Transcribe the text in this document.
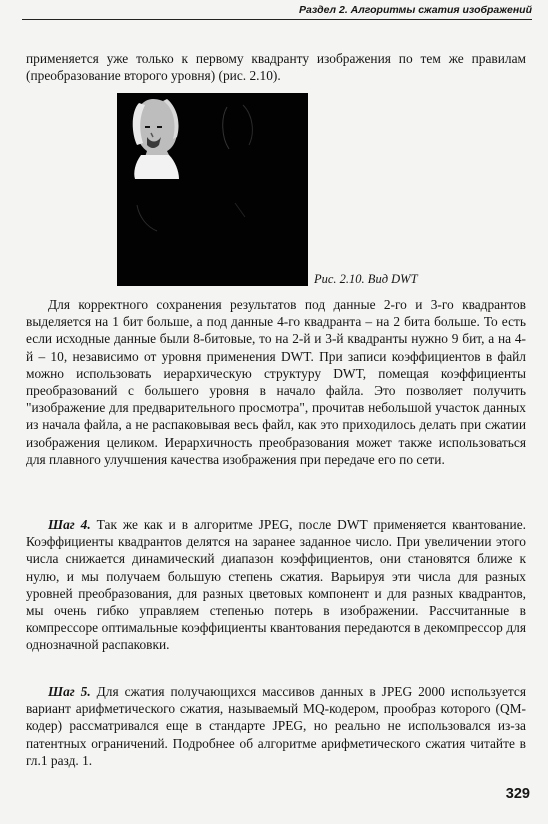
Раздел 2. Алгоритмы сжатия изображений

применяется уже только к первому квадранту изображения по тем же правилам (преобразование второго уровня) (рис. 2.10).

Рис. 2.10. Вид DWT

Для корректного сохранения результатов под данные 2-го и 3-го квадрантов выделяется на 1 бит больше, а под данные 4-го квадранта – на 2 бита больше. То есть если исходные данные были 8-битовые, то на 2-й и 3-й квадранты нужно 9 бит, а на 4-й – 10, независимо от уровня применения DWT. При записи коэффициентов в файл можно использовать иерархическую структуру DWT, помещая коэффициенты преобразований с большего уровня в начало файла. Это позволяет получить "изображение для предварительного просмотра", прочитав небольшой участок данных из начала файла, а не распаковывая весь файл, как это приходилось делать при сжатии изображения целиком. Иерархичность преобразования может также использоваться для плавного улучшения качества изображения при передаче его по сети.

Шаг 4. Так же как и в алгоритме JPEG, после DWT применяется квантование. Коэффициенты квадрантов делятся на заранее заданное число. При увеличении этого числа снижается динамический диапазон коэффициентов, они становятся ближе к нулю, и мы получаем большую степень сжатия. Варьируя эти числа для разных уровней преобразования, для разных цветовых компонент и для разных квадрантов, мы очень гибко управляем степенью потерь в изображении. Рассчитанные в компрессоре оптимальные коэффициенты квантования передаются в декомпрессор для однозначной распаковки.

Шаг 5. Для сжатия получающихся массивов данных в JPEG 2000 используется вариант арифметического сжатия, называемый MQ-кодером, прообраз которого (QM-кодер) рассматривался еще в стандарте JPEG, но реально не использовался из-за патентных ограничений. Подробнее об алгоритме арифметического сжатия читайте в гл.1 разд. 1.

329
